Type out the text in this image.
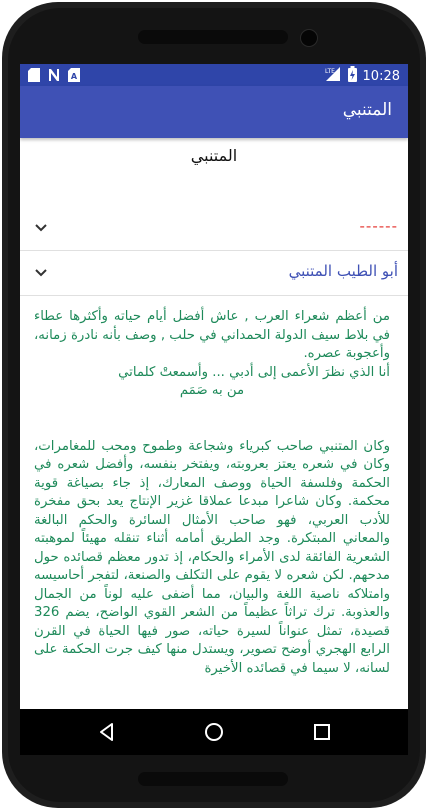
A
LTE 10:28
المتنبي
المتنبي
------
أبو الطيب المتنبي

من أعظم شعراء العرب , عاش أفضل أيام حياته وأكثرها عطاء في بلاط سيف الدولة الحمداني في حلب , وصف بأنه نادرة زمانه، وأعجوبة عصره.

أنا الذي نظرَ الأعمى إلى أدبي ... وأسمعتْ كلماتي

من به صَمَم

وكان المتنبي صاحب كبرياء وشجاعة وطموح ومحب للمغامرات، وكان في شعره يعتز بعروبته، ويفتخر بنفسه، وأفضل شعره في الحكمة وفلسفة الحياة ووصف المعارك، إذ جاء بصياغة قوية محكمة. وكان شاعرا مبدعا عملاقا غزير الإنتاج يعد بحق مفخرة للأدب العربي، فهو صاحب الأمثال السائرة والحكم البالغة والمعاني المبتكرة. وجد الطريق أمامه أثناء تنقله مهيئاً لموهبته الشعرية الفائقة لدى الأمراء والحكام، إذ تدور معظم قصائده حول مدحهم. لكن شعره لا يقوم على التكلف والصنعة، لتفجر أحاسيسه وامتلاكه ناصية اللغة والبيان، مما أضفى عليه لوناً من الجمال والعذوبة. ترك تراثاً عظيماً من الشعر القوي الواضح، يضم 326 قصيدة، تمثل عنواناً لسيرة حياته، صور فيها الحياة في القرن الرابع الهجري أوضح تصوير، ويستدل منها كيف جرت الحكمة على لسانه، لا سيما في قصائده الأخيرة
